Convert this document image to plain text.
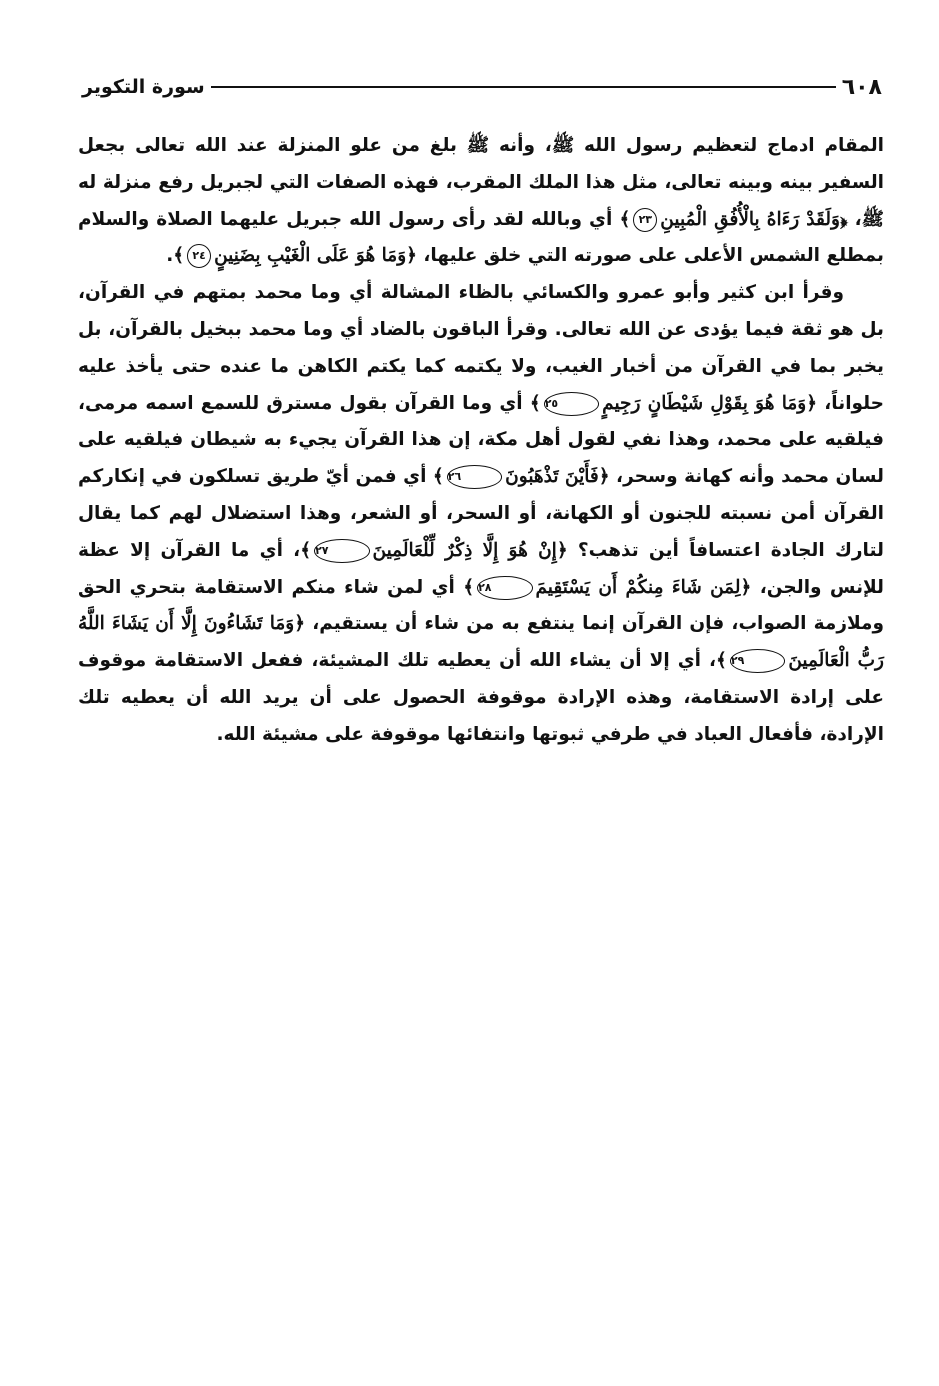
٦٠٨
سورة التكوير

المقام ادماج لتعظيم رسول الله ﷺ، وأنه ﷺ بلغ من علو المنزلة عند الله تعالى بجعل السفير بينه وبينه تعالى، مثل هذا الملك المقرب، فهذه الصفات التي لجبريل رفع منزلة له ﷺ، ﴿وَلَقَدْ رَءَاهُ بِالْأُفُقِ الْمُبِينِ٢٣﴾ أي وبالله لقد رأى رسول الله جبريل عليهما الصلاة والسلام بمطلع الشمس الأعلى على صورته التي خلق عليها، ﴿وَمَا هُوَ عَلَى الْغَيْبِ بِضَنِينٍ٢٤﴾.

وقرأ ابن كثير وأبو عمرو والكسائي بالظاء المشالة أي وما محمد بمتهم في القرآن، بل هو ثقة فيما يؤدى عن الله تعالى. وقرأ الباقون بالضاد أي وما محمد ببخيل بالقرآن، بل يخبر بما في القرآن من أخبار الغيب، ولا يكتمه كما يكتم الكاهن ما عنده حتى يأخذ عليه حلواناً، ﴿وَمَا هُوَ بِقَوْلِ شَيْطَانٍ رَجِيمٍ٢٥﴾ أي وما القرآن بقول مسترق للسمع اسمه مرمى، فيلقيه على محمد، وهذا نفي لقول أهل مكة، إن هذا القرآن يجيء به شيطان فيلقيه على لسان محمد وأنه كهانة وسحر، ﴿فَأَيْنَ تَذْهَبُونَ٢٦﴾ أي فمن أيّ طريق تسلكون في إنكاركم القرآن أمن نسبته للجنون أو الكهانة، أو السحر، أو الشعر، وهذا استضلال لهم كما يقال لتارك الجادة اعتسافاً أين تذهب؟ ﴿إِنْ هُوَ إِلَّا ذِكْرٌ لِّلْعَالَمِينَ٢٧﴾، أي ما القرآن إلا عظة للإنس والجن، ﴿لِمَن شَاءَ مِنكُمْ أَن يَسْتَقِيمَ٢٨﴾ أي لمن شاء منكم الاستقامة بتحري الحق وملازمة الصواب، فإن القرآن إنما ينتفع به من شاء أن يستقيم، ﴿وَمَا تَشَاءُونَ إِلَّا أَن يَشَاءَ اللَّهُ رَبُّ الْعَالَمِينَ٢٩﴾، أي إلا أن يشاء الله أن يعطيه تلك المشيئة، ففعل الاستقامة موقوف على إرادة الاستقامة، وهذه الإرادة موقوفة الحصول على أن يريد الله أن يعطيه تلك الإرادة، فأفعال العباد في طرفي ثبوتها وانتفائها موقوفة على مشيئة الله.
